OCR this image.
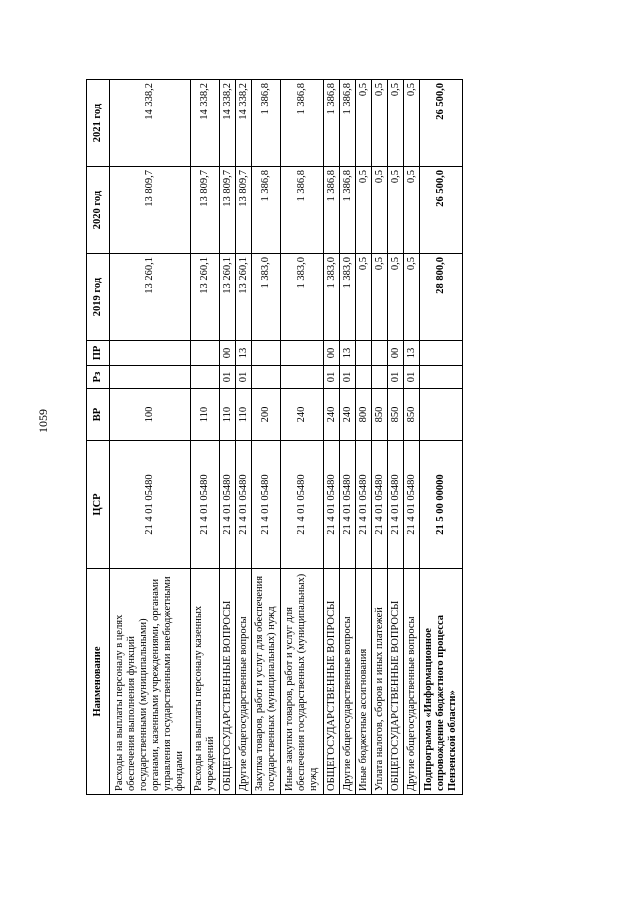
1059
Наименование	ЦСР	ВР	Рз	ПР	2019 год	2020 год	2021 год
Расходы на выплаты персоналу в целях обеспечения выполнения функций государственными (муниципальными) органами, казенными учреждениями, органами управления государственными внебюджетными фондами	21 4 01 05480	100			13 260,1	13 809,7	14 338,2
Расходы на выплаты персоналу казенных учреждений	21 4 01 05480	110			13 260,1	13 809,7	14 338,2
ОБЩЕГОСУДАРСТВЕННЫЕ ВОПРОСЫ	21 4 01 05480	110	01	00	13 260,1	13 809,7	14 338,2
Другие общегосударственные вопросы	21 4 01 05480	110	01	13	13 260,1	13 809,7	14 338,2
Закупка товаров, работ и услуг для обеспечения государственных (муниципальных) нужд	21 4 01 05480	200			1 383,0	1 386,8	1 386,8
Иные закупки товаров, работ и услуг для обеспечения государственных (муниципальных) нужд	21 4 01 05480	240			1 383,0	1 386,8	1 386,8
ОБЩЕГОСУДАРСТВЕННЫЕ ВОПРОСЫ	21 4 01 05480	240	01	00	1 383,0	1 386,8	1 386,8
Другие общегосударственные вопросы	21 4 01 05480	240	01	13	1 383,0	1 386,8	1 386,8
Иные бюджетные ассигнования	21 4 01 05480	800			0,5	0,5	0,5
Уплата налогов, сборов и иных платежей	21 4 01 05480	850			0,5	0,5	0,5
ОБЩЕГОСУДАРСТВЕННЫЕ ВОПРОСЫ	21 4 01 05480	850	01	00	0,5	0,5	0,5
Другие общегосударственные вопросы	21 4 01 05480	850	01	13	0,5	0,5	0,5
Подпрограмма «Информационное сопровождение бюджетного процесса Пензенской области»	21 5 00 00000				28 800,0	26 500,0	26 500,0
